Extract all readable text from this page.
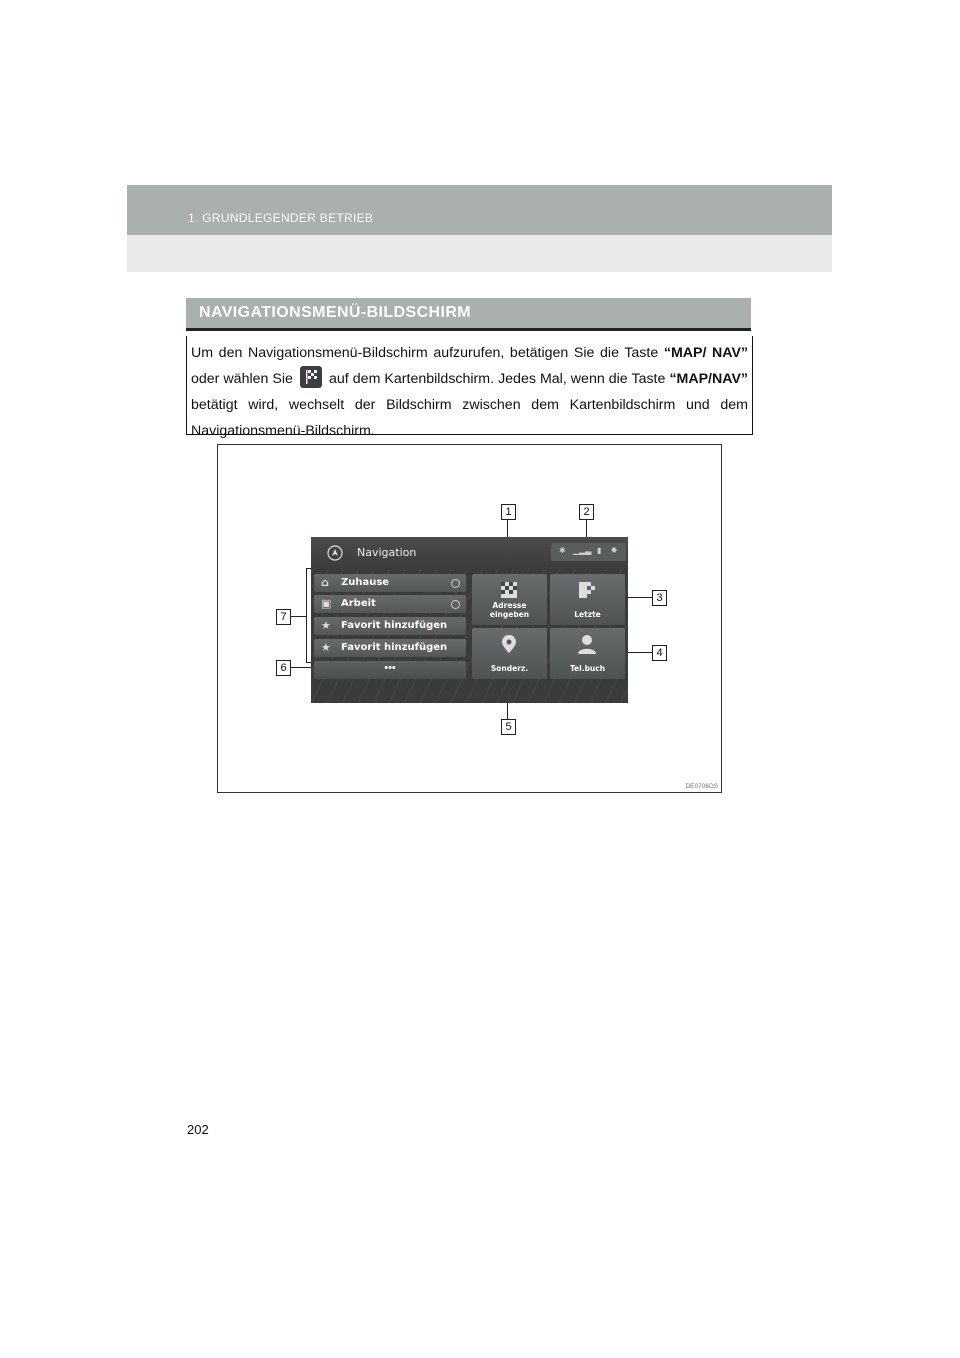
1. GRUNDLEGENDER BETRIEB
NAVIGATIONSMENÜ-BILDSCHIRM
Um den Navigationsmenü-Bildschirm aufzurufen, betätigen Sie die Taste “MAP/ NAV” oder wählen Sie  auf dem Kartenbildschirm. Jedes Mal, wenn die Taste “MAP/NAV” betätigt wird, wechselt der Bildschirm zwischen dem Kartenbildschirm und dem Navigationsmenü-Bildschirm.
Navigation	✱ ▁▂▃ ▮ ◆
⌂ Zuhause
▣ Arbeit
★ Favorit hinzufügen
★ Favorit hinzufügen
•••
Adresse eingeben	Letzte
Sonderz.	Tel.buch
1	2
3
4
5
6
7
DE0706DS
202
